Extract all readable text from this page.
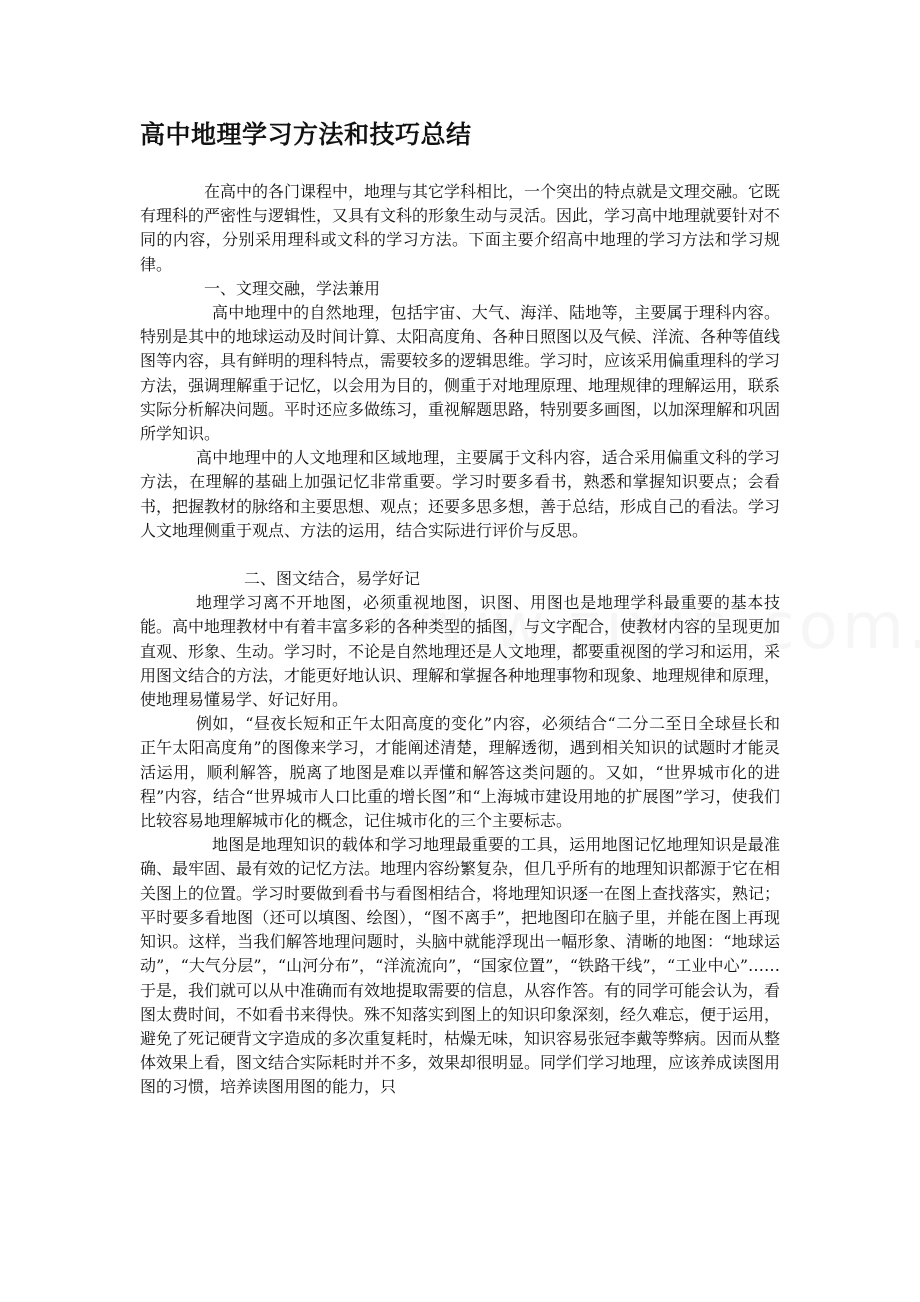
高中地理学习方法和技巧总结

在高中的各门课程中，地理与其它学科相比，一个突出的特点就是文理交融。它既有理科的严密性与逻辑性，又具有文科的形象生动与灵活。因此，学习高中地理就要针对不同的内容，分别采用理科或文科的学习方法。下面主要介绍高中地理的学习方法和学习规律。

一、文理交融，学法兼用

高中地理中的自然地理，包括宇宙、大气、海洋、陆地等，主要属于理科内容。特别是其中的地球运动及时间计算、太阳高度角、各种日照图以及气候、洋流、各种等值线图等内容，具有鲜明的理科特点，需要较多的逻辑思维。学习时，应该采用偏重理科的学习方法，强调理解重于记忆，以会用为目的，侧重于对地理原理、地理规律的理解运用，联系实际分析解决问题。平时还应多做练习，重视解题思路，特别要多画图，以加深理解和巩固所学知识。

高中地理中的人文地理和区域地理，主要属于文科内容，适合采用偏重文科的学习方法，在理解的基础上加强记忆非常重要。学习时要多看书，熟悉和掌握知识要点；会看书，把握教材的脉络和主要思想、观点；还要多思多想，善于总结，形成自己的看法。学习人文地理侧重于观点、方法的运用，结合实际进行评价与反思。

二、图文结合，易学好记

地理学习离不开地图，必须重视地图，识图、用图也是地理学科最重要的基本技能。高中地理教材中有着丰富多彩的各种类型的插图，与文字配合，使教材内容的呈现更加直观、形象、生动。学习时，不论是自然地理还是人文地理，都要重视图的学习和运用，采用图文结合的方法，才能更好地认识、理解和掌握各种地理事物和现象、地理规律和原理，使地理易懂易学、好记好用。

例如，“昼夜长短和正午太阳高度的变化”内容，必须结合“二分二至日全球昼长和正午太阳高度角”的图像来学习，才能阐述清楚，理解透彻，遇到相关知识的试题时才能灵活运用，顺利解答，脱离了地图是难以弄懂和解答这类问题的。又如，“世界城市化的进程”内容，结合“世界城市人口比重的增长图”和“上海城市建设用地的扩展图”学习，使我们比较容易地理解城市化的概念，记住城市化的三个主要标志。

地图是地理知识的载体和学习地理最重要的工具，运用地图记忆地理知识是最准确、最牢固、最有效的记忆方法。地理内容纷繁复杂，但几乎所有的地理知识都源于它在相关图上的位置。学习时要做到看书与看图相结合，将地理知识逐一在图上查找落实，熟记；平时要多看地图（还可以填图、绘图），“图不离手”，把地图印在脑子里，并能在图上再现知识。这样，当我们解答地理问题时，头脑中就能浮现出一幅形象、清晰的地图：“地球运动”，“大气分层”，“山河分布”，“洋流流向”，“国家位置”，“铁路干线”，“工业中心”……于是，我们就可以从中准确而有效地提取需要的信息，从容作答。有的同学可能会认为，看图太费时间，不如看书来得快。殊不知落实到图上的知识印象深刻，经久难忘，便于运用，避免了死记硬背文字造成的多次重复耗时，枯燥无味，知识容易张冠李戴等弊病。因而从整体效果上看，图文结合实际耗时并不多，效果却很明显。同学们学习地理，应该养成读图用图的习惯，培养读图用图的能力，只
